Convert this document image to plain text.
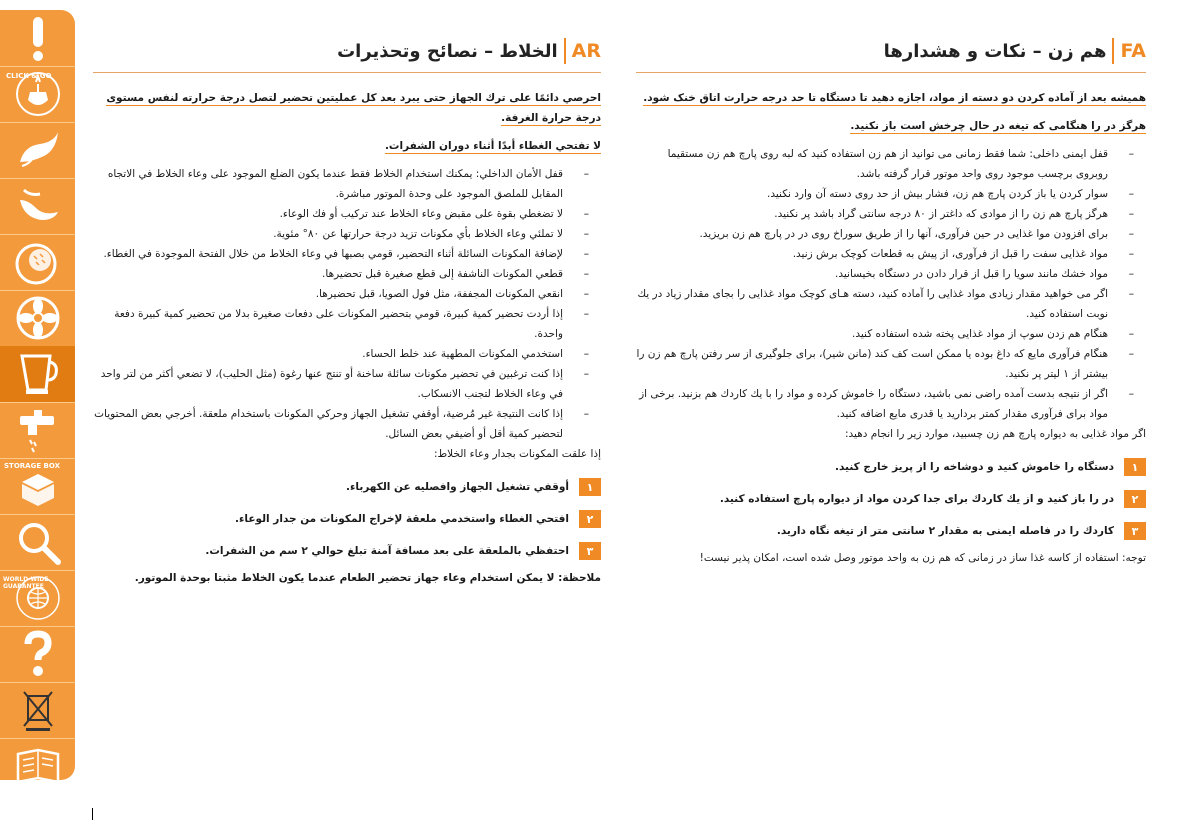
CLICK & GO
STORAGE BOX
WORLD-WIDE GUARANTEE
FA
هم زن – نکات و هشدارها

همیشه بعد از آماده کردن دو دسته از مواد، اجازه دهید تا دستگاه تا حد درجه حرارت اتاق خنک شود.

هرگز در را هنگامی که تیغه در حال چرخش است باز نکنید.

– قفل ایمنی داخلی: شما فقط زمانی می توانید از هم زن استفاده کنید که لبه روی پارچ هم زن مستقیما روبروی برچسب موجود روی واحد موتور قرار گرفته باشد.
– سوار کردن یا باز کردن پارچ هم زن، فشار بیش از حد روی دسته آن وارد نکنید.
– هرگز پارچ هم زن را از موادی که داغتر از ۸۰ درجه سانتی گراد باشد پر نکنید.
– برای افزودن موا غذایی در حین فرآوری، آنها را از طریق سوراخ روی در در پارچ هم زن بریزید.
– مواد غذایی سفت را قبل از فرآوری، از پیش به قطعات کوچک برش زنید.
– مواد خشك مانند سویا را قبل از قرار دادن در دستگاه بخیسانید.
– اگر می خواهید مقدار زیادی مواد غذایی را آماده کنید، دسته هـای کوچک مواد غذایی را بجای مقدار زیاد در یك نوبت استفاده کنید.
– هنگام هم زدن سوپ از مواد غذایی پخته شده استفاده کنید.
– هنگام فرآوری مایع که داغ بوده یا ممکن است کف کند (مانن شیر)، برای جلوگیری از سر رفتن پارچ هم زن را بیشتر از ۱ لیتر پر نکنید.
– اگر از نتیجه بدست آمده راضی نمی باشید، دستگاه را خاموش کرده و مواد را با یك کاردك هم بزنید. برخی از مواد برای فرآوری مقدار کمتر بردارید یا قدری مایع اضافه کنید.

اگر مواد غذایی به دیواره پارچ هم زن چسبید، موارد زیر را انجام دهید:

۱
دستگاه را خاموش کنید و دوشاخه را از پریز خارج کنید.
۲
در را باز کنید و از یك کاردك برای جدا کردن مواد از دیواره پارچ استفاده کنید.
۳
کاردك را در فاصله ایمنی به مقدار ۲ سانتی متر از تیغه نگاه دارید.

توجه: استفاده از کاسه غذا ساز در زمانی که هم زن به واحد موتور وصل شده است، امکان پذیر نیست!

AR
الخلاط – نصائح وتحذيرات

احرصي دائمًا على ترك الجهاز حتى يبرد بعد كل عمليتين تحضير لتصل درجة حرارته لنفس مستوى درجة حرارة الغرفة.

لا تفتحي الغطاء أبدًا أثناء دوران الشفرات.

– قفل الأمان الداخلي: يمكنك استخدام الخلاط فقط عندما يكون الضلع الموجود على وعاء الخلاط في الاتجاه المقابل للملصق الموجود على وحدة الموتور مباشرة.
– لا تضغطي بقوة على مقبض وعاء الخلاط عند تركيب أو فك الوعاء.
– لا تملئي وعاء الخلاط بأي مكونات تزيد درجة حرارتها عن ٨٠° مئوية.
– لإضافة المكونات السائلة أثناء التحضير، قومي بصبها في وعاء الخلاط من خلال الفتحة الموجودة في الغطاء.
– قطعي المكونات الناشفة إلى قطع صغيرة قبل تحضيرها.
– انقعي المكونات المجففة، مثل فول الصويا، قبل تحضيرها.
– إذا أردت تحضير كمية كبيرة، قومي بتحضير المكونات على دفعات صغيرة بدلا من تحضير كمية كبيرة دفعة واحدة.
– استخدمي المكونات المطهية عند خلط الحساء.
– إذا كنت ترغبين في تحضير مكونات سائلة ساخنة أو تنتج عنها رغوة (مثل الحليب)، لا تضعي أكثر من لتر واحد في وعاء الخلاط لتجنب الانسكاب.
– إذا كانت النتيجة غير مُرضية، أوقفي تشغيل الجهاز وحركي المكونات باستخدام ملعقة. أخرجي بعض المحتويات لتحضير كمية أقل أو أضيفي بعض السائل.

إذا علقت المكونات بجدار وعاء الخلاط:

١
أوقفي تشغيل الجهاز وافصليه عن الكهرباء.
٢
افتحي الغطاء واستخدمي ملعقة لإخراج المكونات من جدار الوعاء.
٣
احتفظي بالملعقة على بعد مسافة آمنة تبلغ حوالي ٢ سم من الشفرات.

ملاحظة: لا يمكن استخدام وعاء جهاز تحضير الطعام عندما يكون الخلاط مثبتا بوحدة الموتور.
